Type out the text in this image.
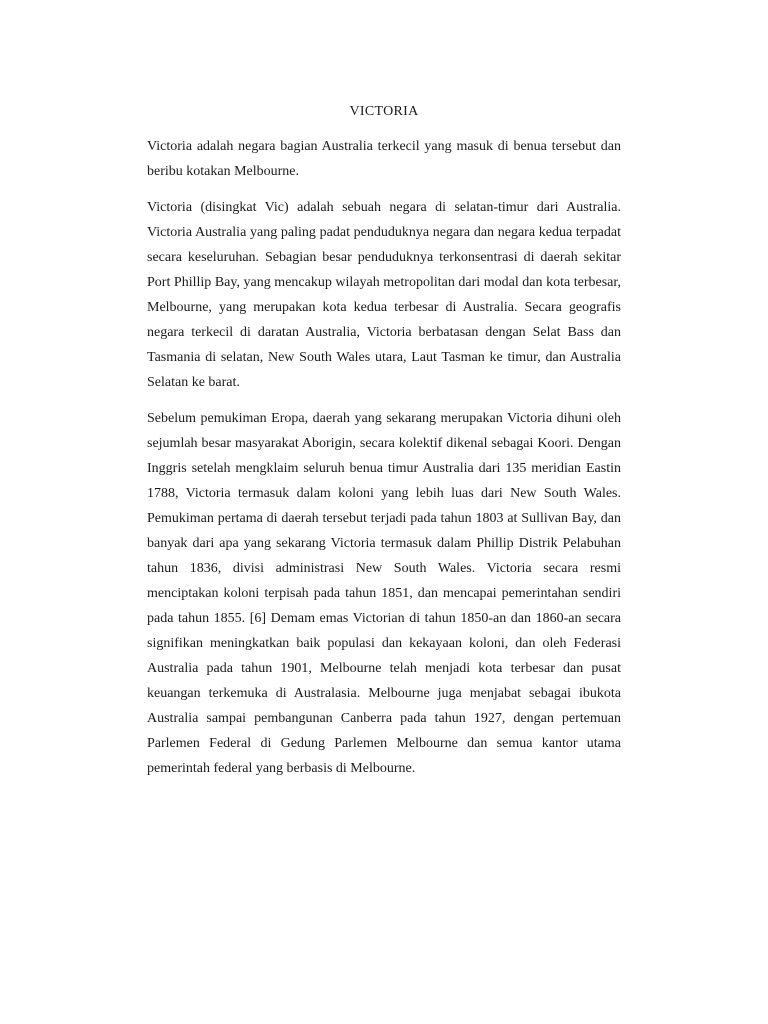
VICTORIA

Victoria adalah negara bagian Australia terkecil yang masuk di benua tersebut dan beribu kotakan Melbourne.

Victoria (disingkat Vic) adalah sebuah negara di selatan-timur dari Australia. Victoria Australia yang paling padat penduduknya negara dan negara kedua terpadat secara keseluruhan. Sebagian besar penduduknya terkonsentrasi di daerah sekitar Port Phillip Bay, yang mencakup wilayah metropolitan dari modal dan kota terbesar, Melbourne, yang merupakan kota kedua terbesar di Australia. Secara geografis negara terkecil di daratan Australia, Victoria berbatasan dengan Selat Bass dan Tasmania di selatan, New South Wales utara, Laut Tasman ke timur, dan Australia Selatan ke barat.

Sebelum pemukiman Eropa, daerah yang sekarang merupakan Victoria dihuni oleh sejumlah besar masyarakat Aborigin, secara kolektif dikenal sebagai Koori. Dengan Inggris setelah mengklaim seluruh benua timur Australia dari 135 meridian Eastin 1788, Victoria termasuk dalam koloni yang lebih luas dari New South Wales. Pemukiman pertama di daerah tersebut terjadi pada tahun 1803 at Sullivan Bay, dan banyak dari apa yang sekarang Victoria termasuk dalam Phillip Distrik Pelabuhan tahun 1836, divisi administrasi New South Wales. Victoria secara resmi menciptakan koloni terpisah pada tahun 1851, dan mencapai pemerintahan sendiri pada tahun 1855. [6] Demam emas Victorian di tahun 1850-an dan 1860-an secara signifikan meningkatkan baik populasi dan kekayaan koloni, dan oleh Federasi Australia pada tahun 1901, Melbourne telah menjadi kota terbesar dan pusat keuangan terkemuka di Australasia. Melbourne juga menjabat sebagai ibukota Australia sampai pembangunan Canberra pada tahun 1927, dengan pertemuan Parlemen Federal di Gedung Parlemen Melbourne dan semua kantor utama pemerintah federal yang berbasis di Melbourne.
